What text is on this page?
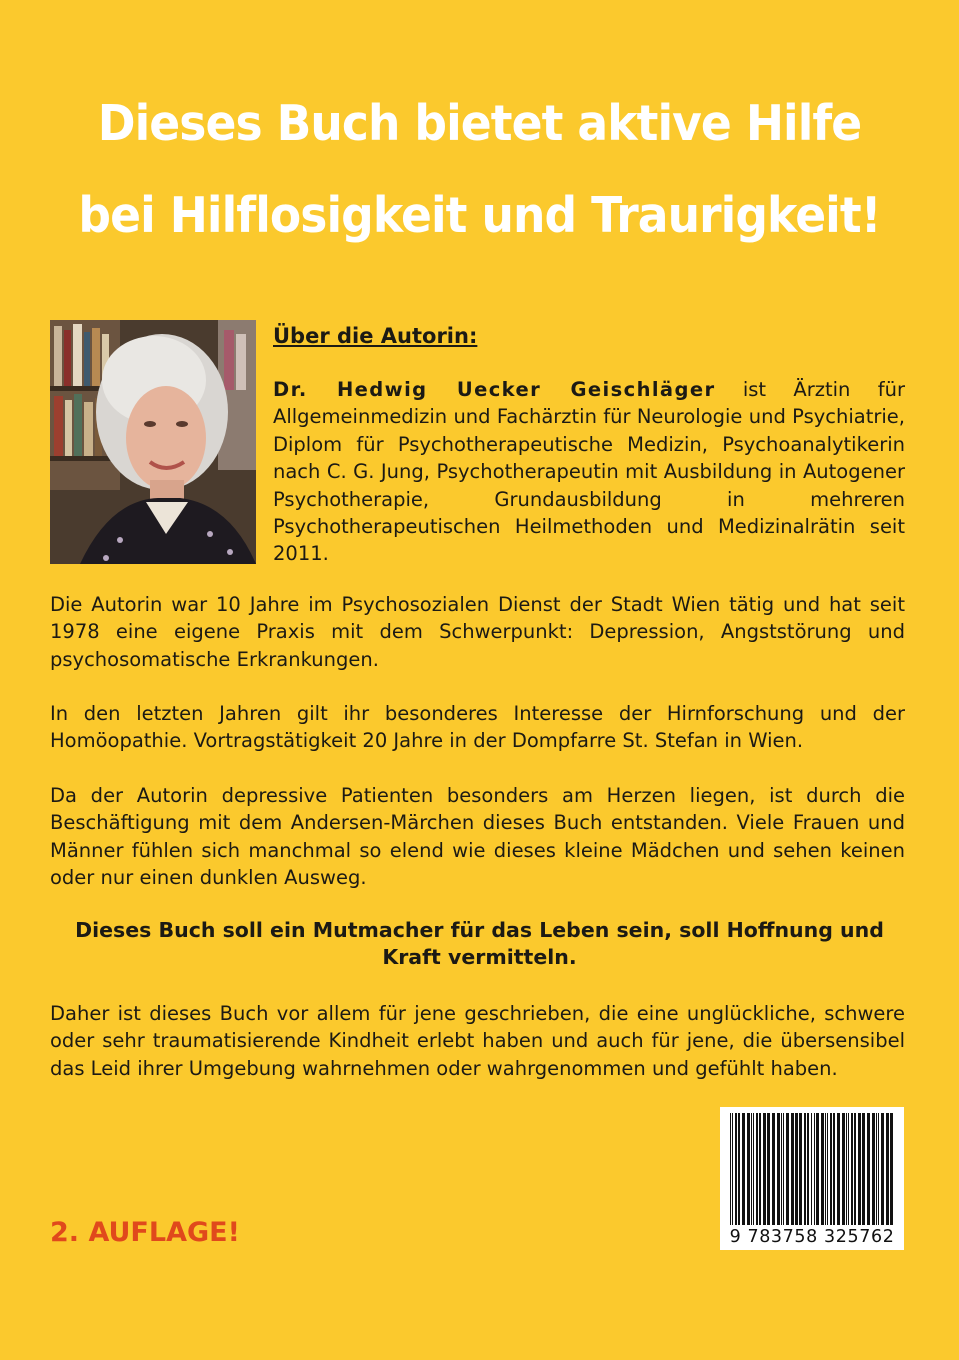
Dieses Buch bietet aktive Hilfe
bei Hilflosigkeit und Traurigkeit!
Über die Autorin:

Dr. Hedwig Uecker Geischläger ist Ärztin für Allgemeinmedizin und Fachärztin für Neurologie und Psychiatrie, Diplom für Psychotherapeutische Medizin, Psychoanalytikerin nach C. G. Jung, Psychotherapeutin mit Ausbildung in Autogener Psychotherapie, Grundausbildung in mehreren Psychotherapeutischen Heilmethoden und Medizinalrätin seit 2011.

Die Autorin war 10 Jahre im Psychosozialen Dienst der Stadt Wien tätig und hat seit 1978 eine eigene Praxis mit dem Schwerpunkt: Depression, Angststörung und psychosomatische Erkrankungen.

In den letzten Jahren gilt ihr besonderes Interesse der Hirnforschung und der Homöopathie. Vortragstätigkeit 20 Jahre in der Dompfarre St. Stefan in Wien.

Da der Autorin depressive Patienten besonders am Herzen liegen, ist durch die Beschäftigung mit dem Andersen-Märchen dieses Buch entstanden. Viele Frauen und Männer fühlen sich manchmal so elend wie dieses kleine Mädchen und sehen keinen oder nur einen dunklen Ausweg.

Dieses Buch soll ein Mutmacher für das Leben sein, soll Hoffnung und Kraft vermitteln.

Daher ist dieses Buch vor allem für jene geschrieben, die eine unglückliche, schwere oder sehr traumatisierende Kindheit erlebt haben und auch für jene, die übersensibel das Leid ihrer Umgebung wahrnehmen oder wahrgenommen und gefühlt haben.

9 783758 325762
2. AUFLAGE!
